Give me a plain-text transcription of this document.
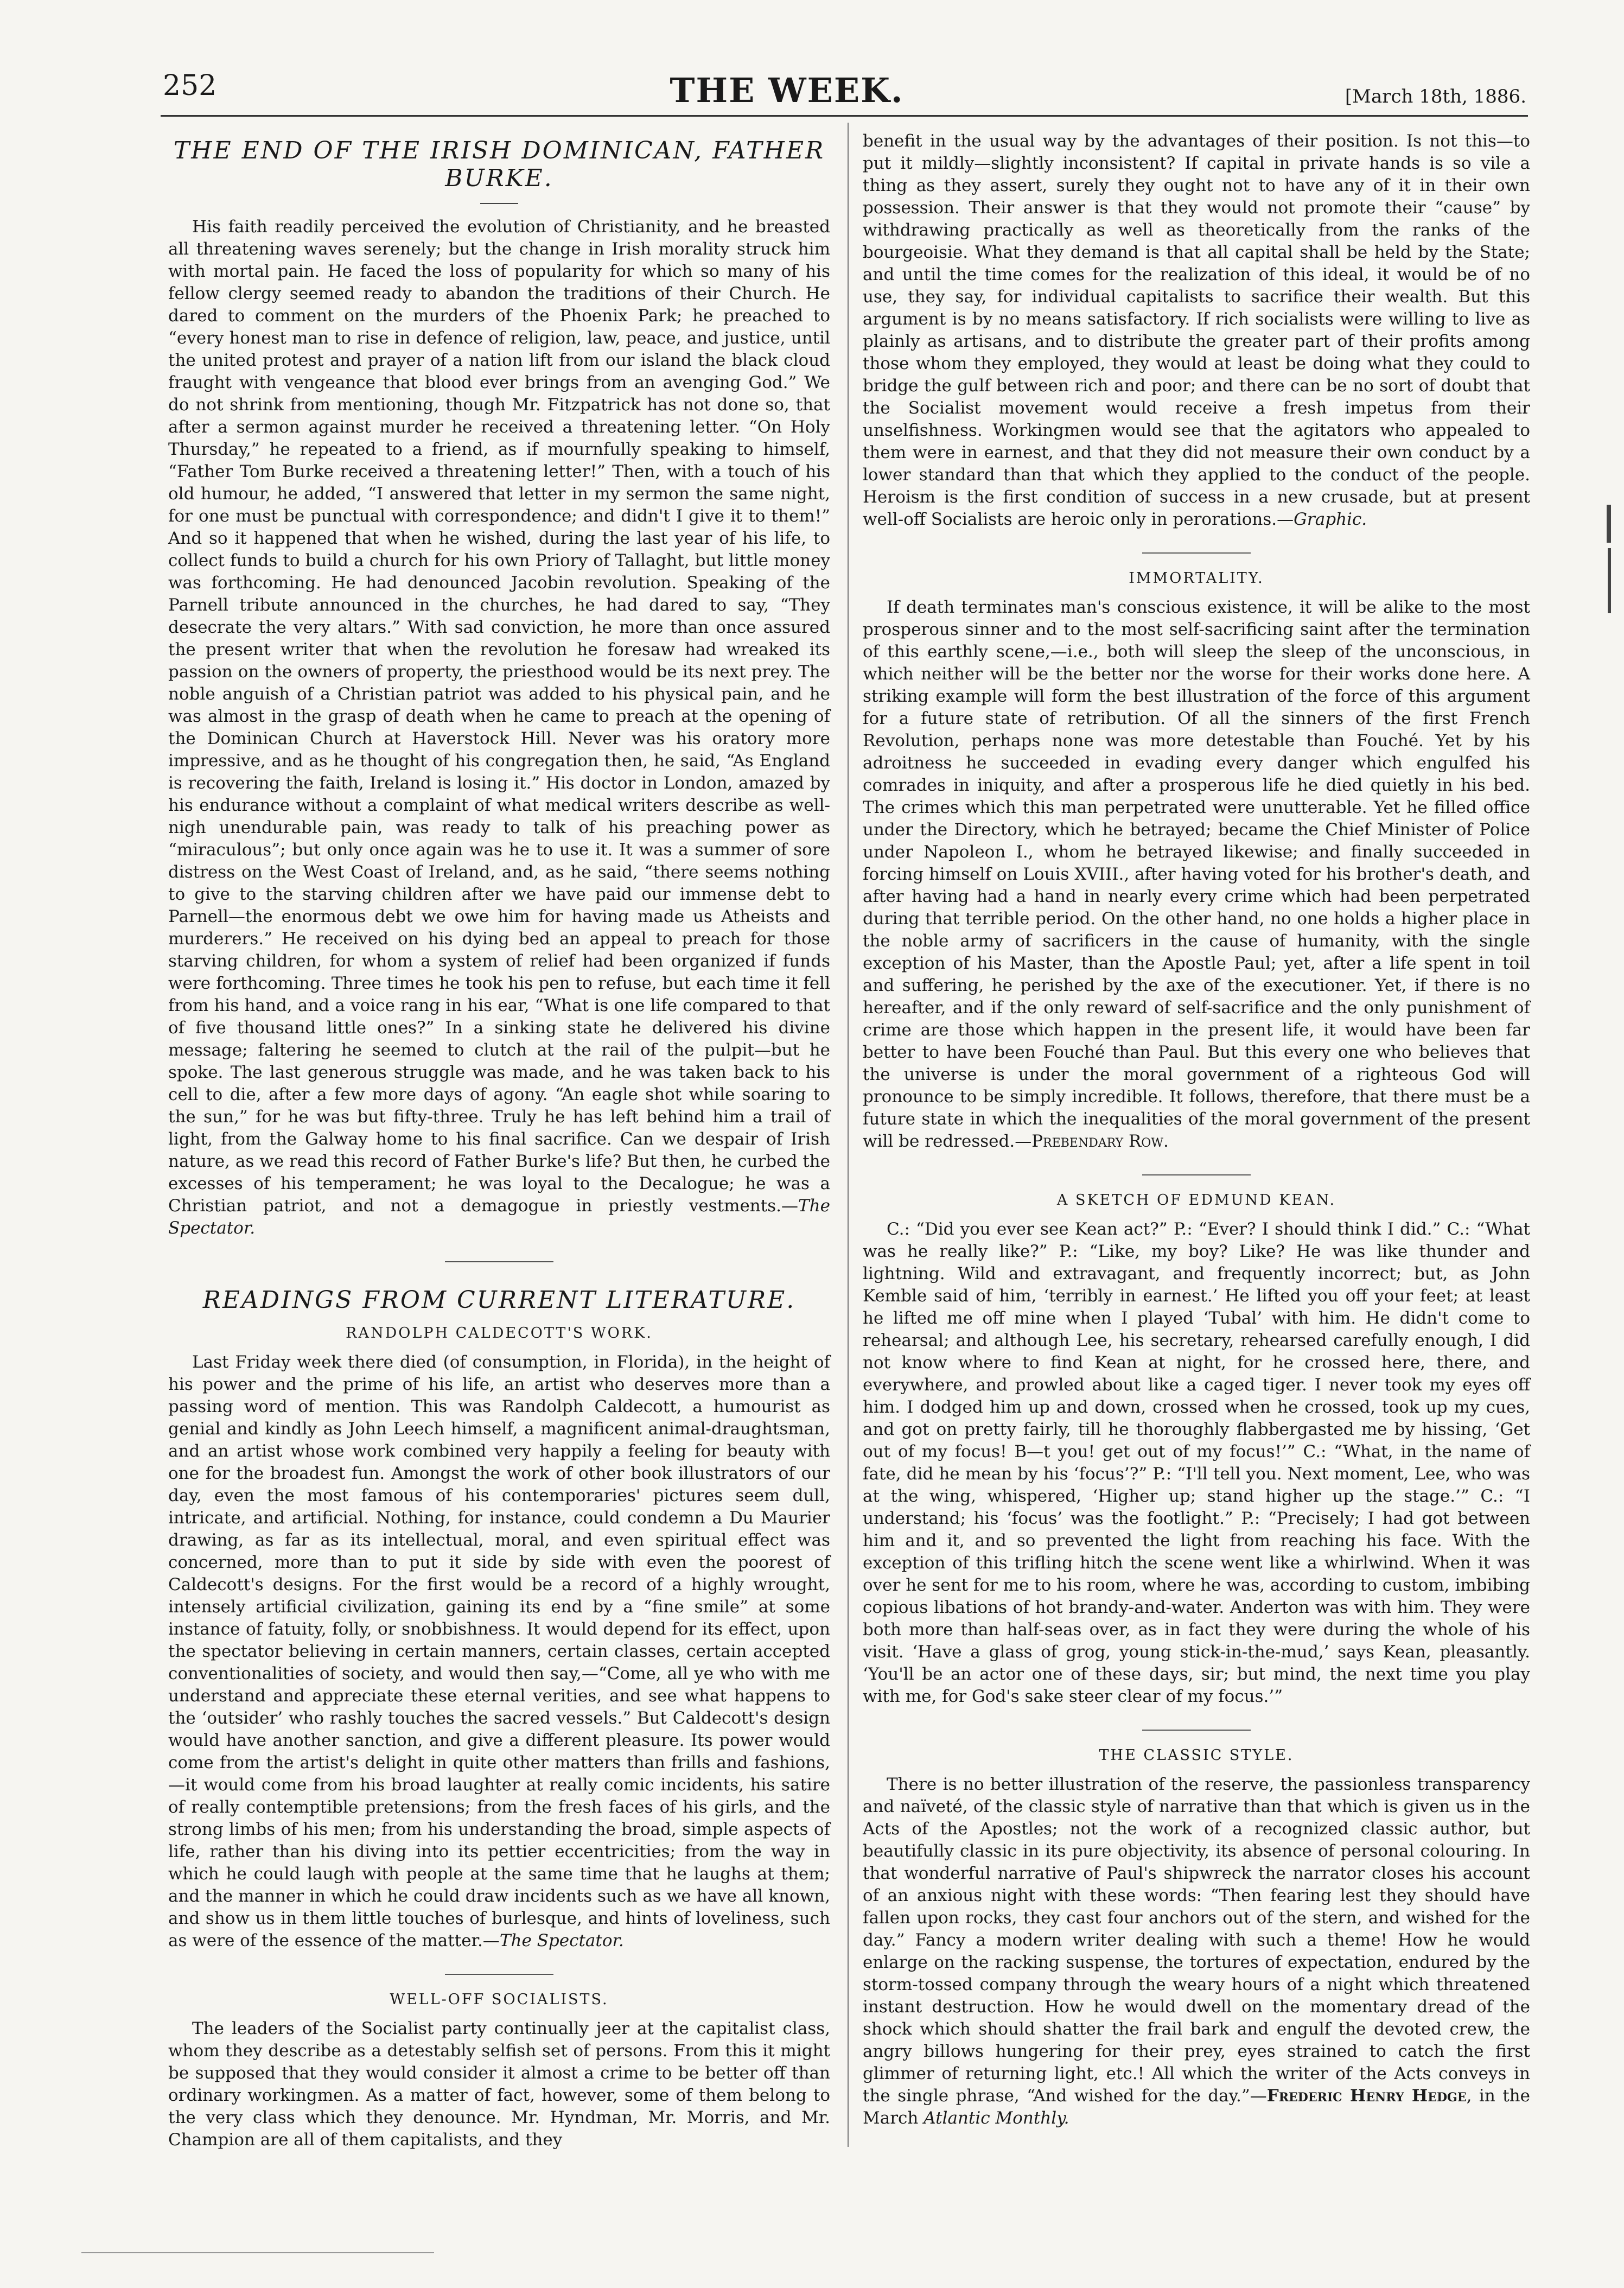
252	THE WEEK.	[March 18th, 1886.
THE END OF THE IRISH DOMINICAN, FATHER BURKE.

His faith readily perceived the evolution of Christianity, and he breasted all threatening waves serenely; but the change in Irish morality struck him with mortal pain. He faced the loss of popularity for which so many of his fellow clergy seemed ready to abandon the traditions of their Church. He dared to comment on the murders of the Phoenix Park; he preached to “every honest man to rise in defence of religion, law, peace, and justice, until the united protest and prayer of a nation lift from our island the black cloud fraught with vengeance that blood ever brings from an avenging God.” We do not shrink from mentioning, though Mr. Fitzpatrick has not done so, that after a sermon against murder he received a threatening letter. “On Holy Thursday,” he repeated to a friend, as if mournfully speaking to himself, “Father Tom Burke received a threatening letter!” Then, with a touch of his old humour, he added, “I answered that letter in my sermon the same night, for one must be punctual with correspondence; and didn't I give it to them!” And so it happened that when he wished, during the last year of his life, to collect funds to build a church for his own Priory of Tallaght, but little money was forthcoming. He had denounced Jacobin revolution. Speaking of the Parnell tribute announced in the churches, he had dared to say, “They desecrate the very altars.” With sad conviction, he more than once assured the present writer that when the revolution he foresaw had wreaked its passion on the owners of property, the priesthood would be its next prey. The noble anguish of a Christian patriot was added to his physical pain, and he was almost in the grasp of death when he came to preach at the opening of the Dominican Church at Haverstock Hill. Never was his oratory more impressive, and as he thought of his congregation then, he said, “As England is recovering the faith, Ireland is losing it.” His doctor in London, amazed by his endurance without a complaint of what medical writers describe as well-nigh unendurable pain, was ready to talk of his preaching power as “miraculous”; but only once again was he to use it. It was a summer of sore distress on the West Coast of Ireland, and, as he said, “there seems nothing to give to the starving children after we have paid our immense debt to Parnell—the enormous debt we owe him for having made us Atheists and murderers.” He received on his dying bed an appeal to preach for those starving children, for whom a system of relief had been organized if funds were forthcoming. Three times he took his pen to refuse, but each time it fell from his hand, and a voice rang in his ear, “What is one life compared to that of five thousand little ones?” In a sinking state he delivered his divine message; faltering he seemed to clutch at the rail of the pulpit—but he spoke. The last generous struggle was made, and he was taken back to his cell to die, after a few more days of agony. “An eagle shot while soaring to the sun,” for he was but fifty-three. Truly he has left behind him a trail of light, from the Galway home to his final sacrifice. Can we despair of Irish nature, as we read this record of Father Burke's life? But then, he curbed the excesses of his temperament; he was loyal to the Decalogue; he was a Christian patriot, and not a demagogue in priestly vestments.—The Spectator.

READINGS FROM CURRENT LITERATURE.
RANDOLPH CALDECOTT'S WORK.

Last Friday week there died (of consumption, in Florida), in the height of his power and the prime of his life, an artist who deserves more than a passing word of mention. This was Randolph Caldecott, a humourist as genial and kindly as John Leech himself, a magnificent animal-draughtsman, and an artist whose work combined very happily a feeling for beauty with one for the broadest fun. Amongst the work of other book illustrators of our day, even the most famous of his contemporaries' pictures seem dull, intricate, and artificial. Nothing, for instance, could condemn a Du Maurier drawing, as far as its intellectual, moral, and even spiritual effect was concerned, more than to put it side by side with even the poorest of Caldecott's designs. For the first would be a record of a highly wrought, intensely artificial civilization, gaining its end by a “fine smile” at some instance of fatuity, folly, or snobbishness. It would depend for its effect, upon the spectator believing in certain manners, certain classes, certain accepted conventionalities of society, and would then say,—“Come, all ye who with me understand and appreciate these eternal verities, and see what happens to the ‘outsider’ who rashly touches the sacred vessels.” But Caldecott's design would have another sanction, and give a different pleasure. Its power would come from the artist's delight in quite other matters than frills and fashions,—it would come from his broad laughter at really comic incidents, his satire of really contemptible pretensions; from the fresh faces of his girls, and the strong limbs of his men; from his understanding the broad, simple aspects of life, rather than his diving into its pettier eccentricities; from the way in which he could laugh with people at the same time that he laughs at them; and the manner in which he could draw incidents such as we have all known, and show us in them little touches of burlesque, and hints of loveliness, such as were of the essence of the matter.—The Spectator.

WELL-OFF SOCIALISTS.

The leaders of the Socialist party continually jeer at the capitalist class, whom they describe as a detestably selfish set of persons. From this it might be supposed that they would consider it almost a crime to be better off than ordinary workingmen. As a matter of fact, however, some of them belong to the very class which they denounce. Mr. Hyndman, Mr. Morris, and Mr. Champion are all of them capitalists, and they

benefit in the usual way by the advantages of their position. Is not this—to put it mildly—slightly inconsistent? If capital in private hands is so vile a thing as they assert, surely they ought not to have any of it in their own possession. Their answer is that they would not promote their “cause” by withdrawing practically as well as theoretically from the ranks of the bourgeoisie. What they demand is that all capital shall be held by the State; and until the time comes for the realization of this ideal, it would be of no use, they say, for individual capitalists to sacrifice their wealth. But this argument is by no means satisfactory. If rich socialists were willing to live as plainly as artisans, and to distribute the greater part of their profits among those whom they employed, they would at least be doing what they could to bridge the gulf between rich and poor; and there can be no sort of doubt that the Socialist movement would receive a fresh impetus from their unselfishness. Workingmen would see that the agitators who appealed to them were in earnest, and that they did not measure their own conduct by a lower standard than that which they applied to the conduct of the people. Heroism is the first condition of success in a new crusade, but at present well-off Socialists are heroic only in perorations.—Graphic.

IMMORTALITY.

If death terminates man's conscious existence, it will be alike to the most prosperous sinner and to the most self-sacrificing saint after the termination of this earthly scene,—i.e., both will sleep the sleep of the unconscious, in which neither will be the better nor the worse for their works done here. A striking example will form the best illustration of the force of this argument for a future state of retribution. Of all the sinners of the first French Revolution, perhaps none was more detestable than Fouché. Yet by his adroitness he succeeded in evading every danger which engulfed his comrades in iniquity, and after a prosperous life he died quietly in his bed. The crimes which this man perpetrated were unutterable. Yet he filled office under the Directory, which he betrayed; became the Chief Minister of Police under Napoleon I., whom he betrayed likewise; and finally succeeded in forcing himself on Louis XVIII., after having voted for his brother's death, and after having had a hand in nearly every crime which had been perpetrated during that terrible period. On the other hand, no one holds a higher place in the noble army of sacrificers in the cause of humanity, with the single exception of his Master, than the Apostle Paul; yet, after a life spent in toil and suffering, he perished by the axe of the executioner. Yet, if there is no hereafter, and if the only reward of self-sacrifice and the only punishment of crime are those which happen in the present life, it would have been far better to have been Fouché than Paul. But this every one who believes that the universe is under the moral government of a righteous God will pronounce to be simply incredible. It follows, therefore, that there must be a future state in which the inequalities of the moral government of the present will be redressed.—Prebendary Row.

A SKETCH OF EDMUND KEAN.

C.: “Did you ever see Kean act?” P.: “Ever? I should think I did.” C.: “What was he really like?” P.: “Like, my boy? Like? He was like thunder and lightning. Wild and extravagant, and frequently incorrect; but, as John Kemble said of him, ‘terribly in earnest.’ He lifted you off your feet; at least he lifted me off mine when I played ‘Tubal’ with him. He didn't come to rehearsal; and although Lee, his secretary, rehearsed carefully enough, I did not know where to find Kean at night, for he crossed here, there, and everywhere, and prowled about like a caged tiger. I never took my eyes off him. I dodged him up and down, crossed when he crossed, took up my cues, and got on pretty fairly, till he thoroughly flabbergasted me by hissing, ‘Get out of my focus! B—t you! get out of my focus!’” C.: “What, in the name of fate, did he mean by his ‘focus’?” P.: “I'll tell you. Next moment, Lee, who was at the wing, whispered, ‘Higher up; stand higher up the stage.’” C.: “I understand; his ‘focus’ was the footlight.” P.: “Precisely; I had got between him and it, and so prevented the light from reaching his face. With the exception of this trifling hitch the scene went like a whirlwind. When it was over he sent for me to his room, where he was, according to custom, imbibing copious libations of hot brandy-and-water. Anderton was with him. They were both more than half-seas over, as in fact they were during the whole of his visit. ‘Have a glass of grog, young stick-in-the-mud,’ says Kean, pleasantly. ‘You'll be an actor one of these days, sir; but mind, the next time you play with me, for God's sake steer clear of my focus.’”

THE CLASSIC STYLE.

There is no better illustration of the reserve, the passionless transparency and naïveté, of the classic style of narrative than that which is given us in the Acts of the Apostles; not the work of a recognized classic author, but beautifully classic in its pure objectivity, its absence of personal colouring. In that wonderful narrative of Paul's shipwreck the narrator closes his account of an anxious night with these words: “Then fearing lest they should have fallen upon rocks, they cast four anchors out of the stern, and wished for the day.” Fancy a modern writer dealing with such a theme! How he would enlarge on the racking suspense, the tortures of expectation, endured by the storm-tossed company through the weary hours of a night which threatened instant destruction. How he would dwell on the momentary dread of the shock which should shatter the frail bark and engulf the devoted crew, the angry billows hungering for their prey, eyes strained to catch the first glimmer of returning light, etc.! All which the writer of the Acts conveys in the single phrase, “And wished for the day.”—Frederic Henry Hedge, in the March Atlantic Monthly.
